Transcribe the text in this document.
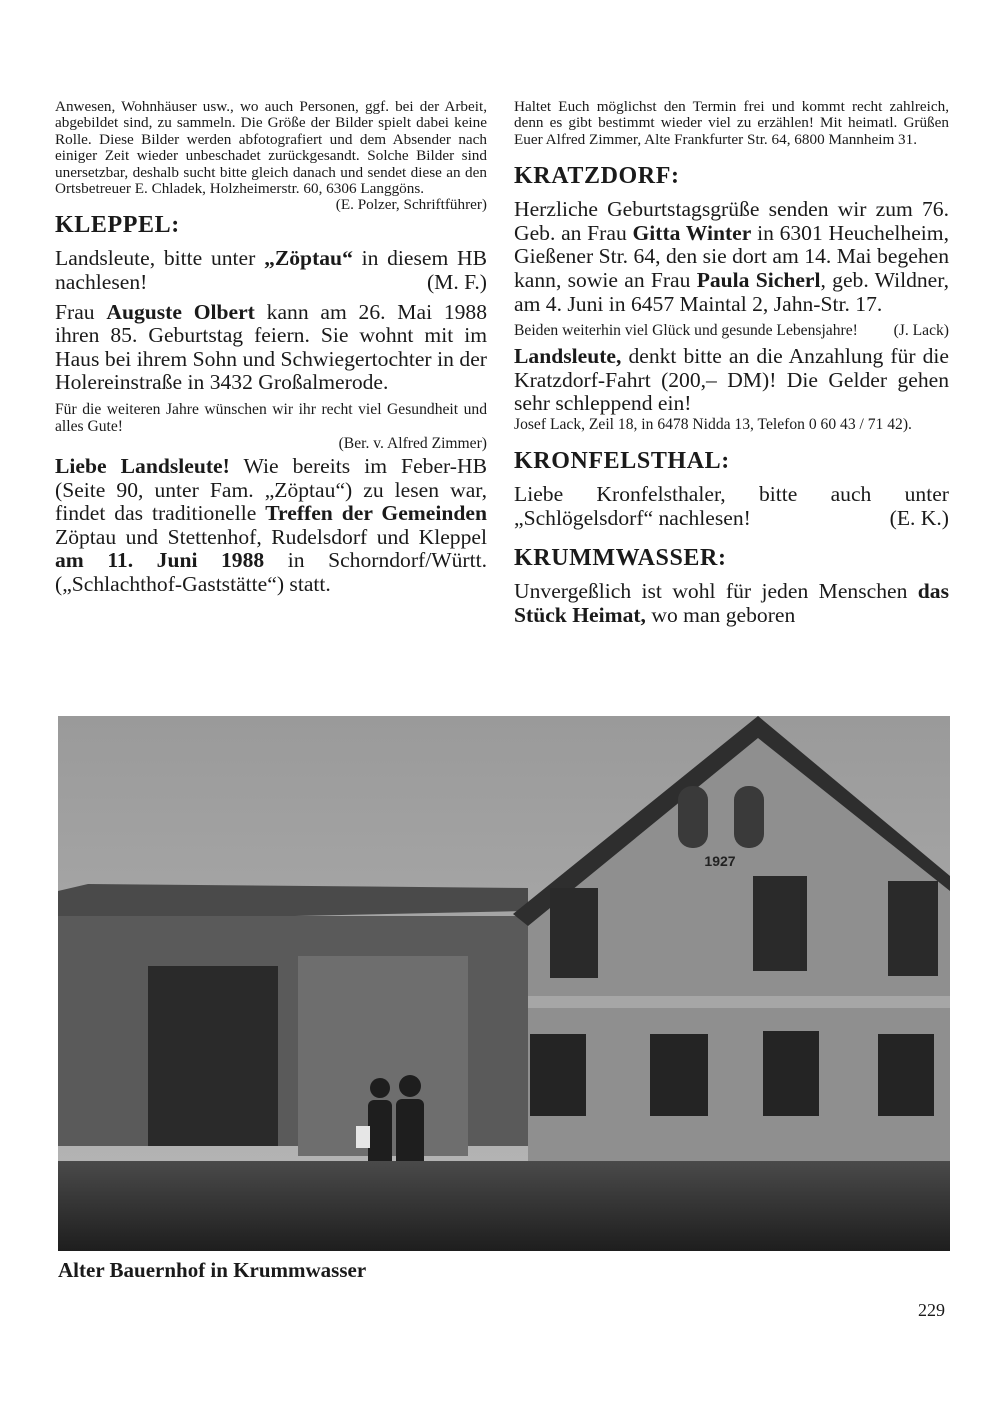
Anwesen, Wohnhäuser usw., wo auch Personen, ggf. bei der Arbeit, abgebildet sind, zu sammeln. Die Größe der Bilder spielt dabei keine Rolle. Diese Bilder werden abfotografiert und dem Absender nach einiger Zeit wieder unbeschadet zurückgesandt. Solche Bilder sind unersetzbar, deshalb sucht bitte gleich danach und sendet diese an den Ortsbetreuer E. Chladek, Holzheimerstr. 60, 6306 Langgöns.
(E. Polzer, Schriftführer)

KLEPPEL:

Landsleute, bitte unter „Zöptau“ in diesem HB nachlesen!	(M. F.)

Frau Auguste Olbert kann am 26. Mai 1988 ihren 85. Geburtstag feiern. Sie wohnt mit im Haus bei ihrem Sohn und Schwiegertochter in der Holereinstraße in 3432 Großalmerode.

Für die weiteren Jahre wünschen wir ihr recht viel Gesundheit und alles Gute!
(Ber. v. Alfred Zimmer)

Liebe Landsleute! Wie bereits im Feber-HB (Seite 90, unter Fam. „Zöptau“) zu lesen war, findet das traditionelle Treffen der Gemeinden Zöptau und Stettenhof, Rudelsdorf und Kleppel am 11. Juni 1988 in Schorndorf/Württ. („Schlachthof-Gaststätte“) statt.

Haltet Euch möglichst den Termin frei und kommt recht zahlreich, denn es gibt bestimmt wieder viel zu erzählen! Mit heimatl. Grüßen Euer Alfred Zimmer, Alte Frankfurter Str. 64, 6800 Mannheim 31.

KRATZDORF:

Herzliche Geburtstagsgrüße senden wir zum 76. Geb. an Frau Gitta Winter in 6301 Heuchelheim, Gießener Str. 64, den sie dort am 14. Mai begehen kann, sowie an Frau Paula Sicherl, geb. Wildner, am 4. Juni in 6457 Maintal 2, Jahn-Str. 17.

Beiden weiterhin viel Glück und gesunde Lebensjahre! (J. Lack)

Landsleute, denkt bitte an die Anzahlung für die Kratzdorf-Fahrt (200,– DM)! Die Gelder gehen sehr schleppend ein!

Josef Lack, Zeil 18, in 6478 Nidda 13, Telefon 0 60 43 / 71 42).

KRONFELSTHAL:

Liebe Kronfelsthaler, bitte auch unter „Schlögelsdorf“ nachlesen!	(E. K.)

KRUMMWASSER:

Unvergeßlich ist wohl für jeden Menschen das Stück Heimat, wo man geboren

1927
Alter Bauernhof in Krummwasser
229
